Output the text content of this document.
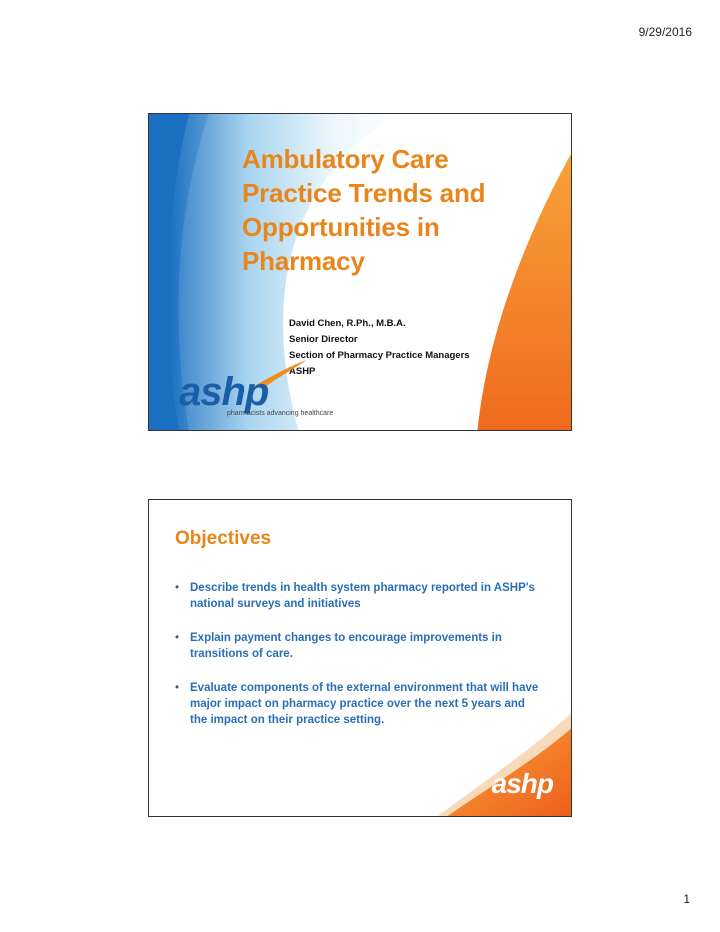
9/29/2016
Ambulatory Care
Practice Trends and
Opportunities in
Pharmacy
David Chen, R.Ph., M.B.A.
Senior Director
Section of Pharmacy Practice Managers
ASHP
ashp
pharmacists advancing healthcare
Objectives
• Describe trends in health system pharmacy reported in ASHP's national surveys and initiatives
• Explain payment changes to encourage improvements in transitions of care.
• Evaluate components of the external environment that will have major impact on pharmacy practice over the next 5 years and the impact on their practice setting.
ashp
1
